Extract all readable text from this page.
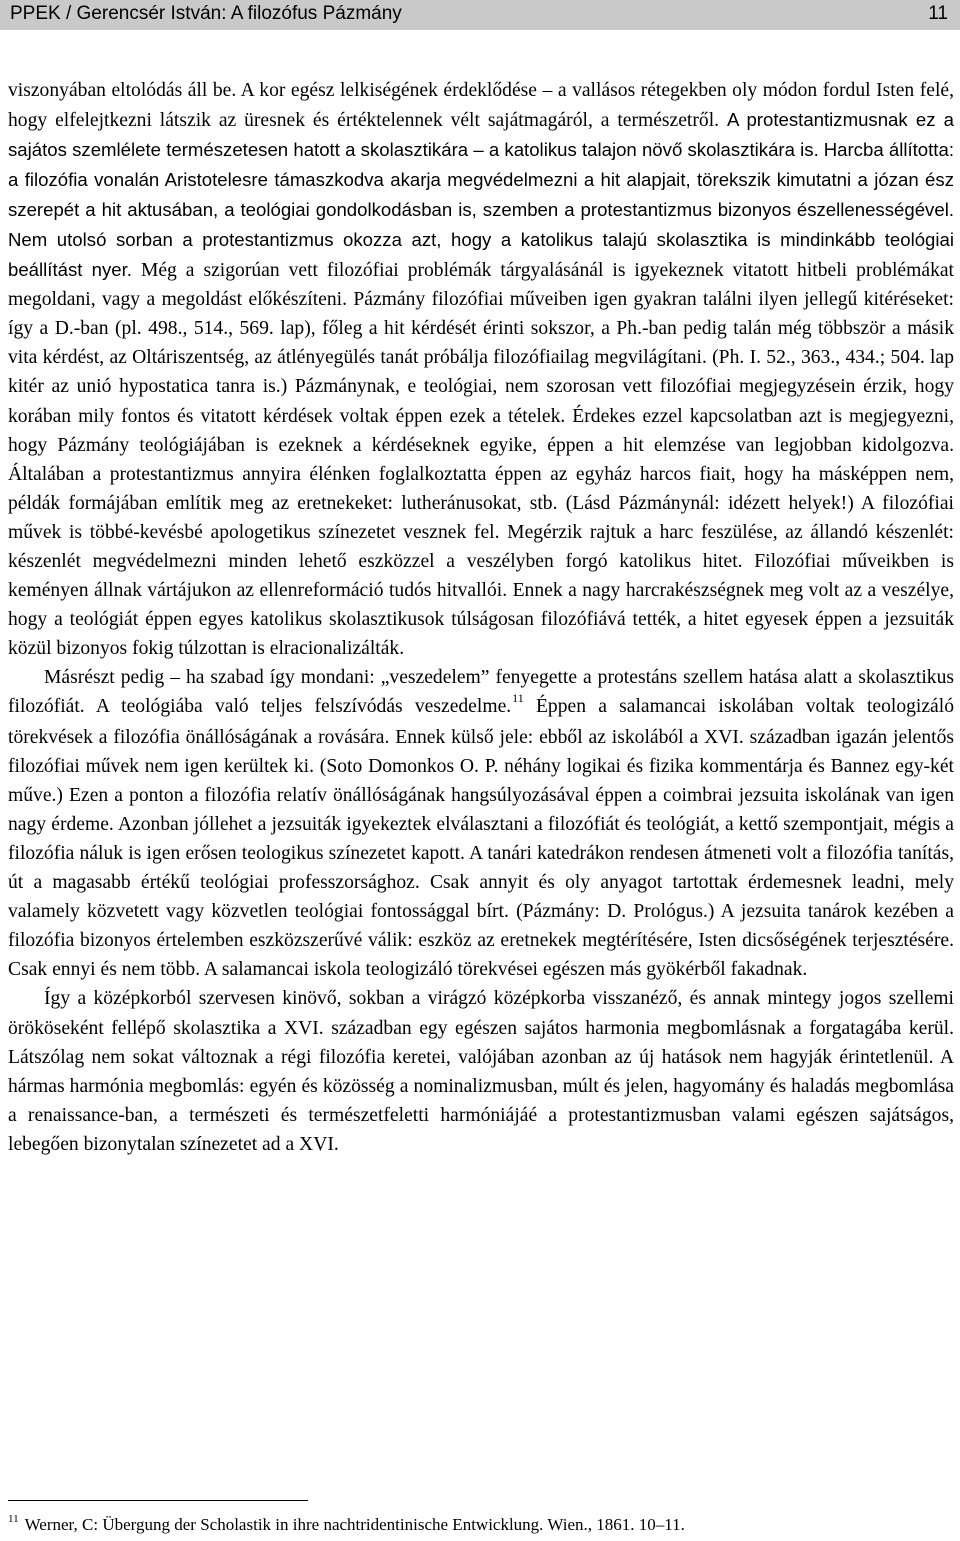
PPEK / Gerencsér István: A filozófus Pázmány	11

viszonyában eltolódás áll be. A kor egész lelkiségének érdeklődése – a vallásos rétegekben oly módon fordul Isten felé, hogy elfelejtkezni látszik az üresnek és értéktelennek vélt sajátmagáról, a természetről. A protestantizmusnak ez a sajátos szemlélete természetesen hatott a skolasztikára – a katolikus talajon növő skolasztikára is. Harcba állította: a filozófia vonalán Aristotelesre támaszkodva akarja megvédelmezni a hit alapjait, törekszik kimutatni a józan ész szerepét a hit aktusában, a teológiai gondolkodásban is, szemben a protestantizmus bizonyos észellenességével. Nem utolsó sorban a protestantizmus okozza azt, hogy a katolikus talajú skolasztika is mindinkább teológiai beállítást nyer. Még a szigorúan vett filozófiai problémák tárgyalásánál is igyekeznek vitatott hitbeli problémákat megoldani, vagy a megoldást előkészíteni. Pázmány filozófiai műveiben igen gyakran találni ilyen jellegű kitéréseket: így a D.-ban (pl. 498., 514., 569. lap), főleg a hit kérdését érinti sokszor, a Ph.-ban pedig talán még többször a másik vita kérdést, az Oltáriszentség, az átlényegülés tanát próbálja filozófiailag megvilágítani. (Ph. I. 52., 363., 434.; 504. lap kitér az unió hypostatica tanra is.) Pázmánynak, e teológiai, nem szorosan vett filozófiai megjegyzésein érzik, hogy korában mily fontos és vitatott kérdések voltak éppen ezek a tételek. Érdekes ezzel kapcsolatban azt is megjegyezni, hogy Pázmány teológiájában is ezeknek a kérdéseknek egyike, éppen a hit elemzése van legjobban kidolgozva. Általában a protestantizmus annyira élénken foglalkoztatta éppen az egyház harcos fiait, hogy ha másképpen nem, példák formájában említik meg az eretnekeket: lutheránusokat, stb. (Lásd Pázmánynál: idézett helyek!) A filozófiai művek is többé-kevésbé apologetikus színezetet vesznek fel. Megérzik rajtuk a harc feszülése, az állandó készenlét: készenlét megvédelmezni minden lehető eszközzel a veszélyben forgó katolikus hitet. Filozófiai műveikben is keményen állnak vártájukon az ellenreformáció tudós hitvallói. Ennek a nagy harcrakészségnek meg volt az a veszélye, hogy a teológiát éppen egyes katolikus skolasztikusok túlságosan filozófiává tették, a hitet egyesek éppen a jezsuiták közül bizonyos fokig túlzottan is elracionalizálták.

Másrészt pedig – ha szabad így mondani: „veszedelem” fenyegette a protestáns szellem hatása alatt a skolasztikus filozófiát. A teológiába való teljes felszívódás veszedelme.$^{11}$ Éppen a salamancai iskolában voltak teologizáló törekvések a filozófia önállóságának a rovására. Ennek külső jele: ebből az iskolából a XVI. században igazán jelentős filozófiai művek nem igen kerültek ki. (Soto Domonkos O. P. néhány logikai és fizika kommentárja és Bannez egy-két műve.) Ezen a ponton a filozófia relatív önállóságának hangsúlyozásával éppen a coimbrai jezsuita iskolának van igen nagy érdeme. Azonban jóllehet a jezsuiták igyekeztek elválasztani a filozófiát és teológiát, a kettő szempontjait, mégis a filozófia náluk is igen erősen teologikus színezetet kapott. A tanári katedrákon rendesen átmeneti volt a filozófia tanítás, út a magasabb értékű teológiai professzorsághoz. Csak annyit és oly anyagot tartottak érdemesnek leadni, mely valamely közvetett vagy közvetlen teológiai fontossággal bírt. (Pázmány: D. Prológus.) A jezsuita tanárok kezében a filozófia bizonyos értelemben eszközszerűvé válik: eszköz az eretnekek megtérítésére, Isten dicsőségének terjesztésére. Csak ennyi és nem több. A salamancai iskola teologizáló törekvései egészen más gyökérből fakadnak.

Így a középkorból szervesen kinövő, sokban a virágzó középkorba visszanéző, és annak mintegy jogos szellemi örököseként fellépő skolasztika a XVI. században egy egészen sajátos harmonia megbomlásnak a forgatagába kerül. Látszólag nem sokat változnak a régi filozófia keretei, valójában azonban az új hatások nem hagyják érintetlenül. A hármas harmónia megbomlás: egyén és közösség a nominalizmusban, múlt és jelen, hagyomány és haladás megbomlása a renaissance-ban, a természeti és természetfeletti harmóniájáé a protestantizmusban valami egészen sajátságos, lebegően bizonytalan színezetet ad a XVI.

$^{11}$ Werner, C: Übergung der Scholastik in ihre nachtridentinische Entwicklung. Wien., 1861. 10–11.
